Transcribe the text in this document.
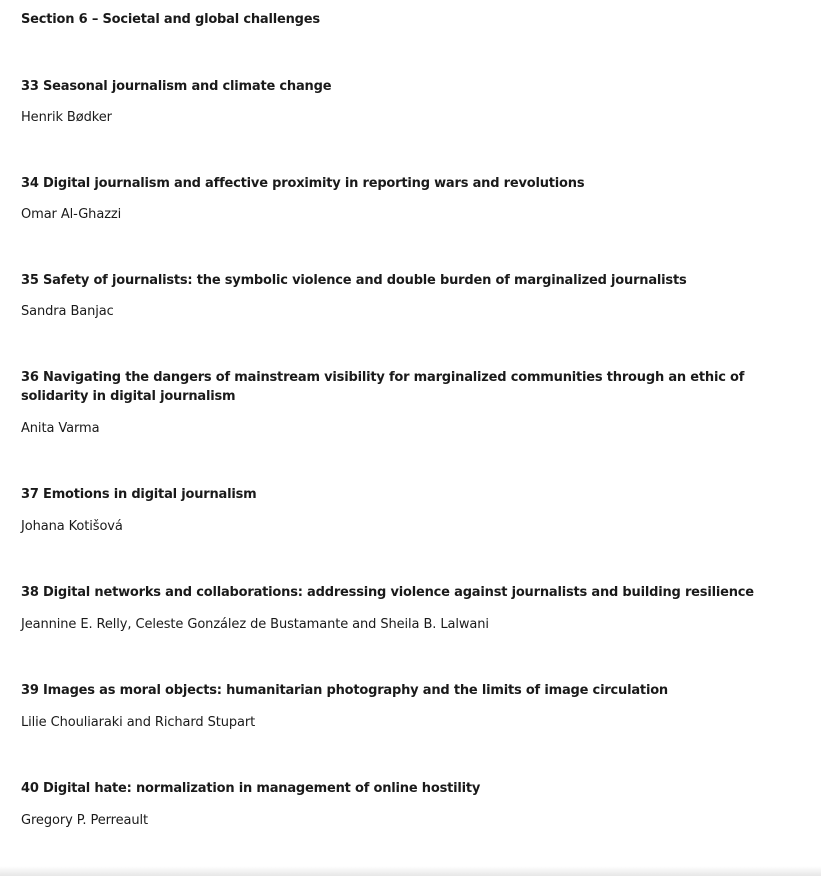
Section 6 – Societal and global challenges
33 Seasonal journalism and climate change
Henrik Bødker
34 Digital journalism and affective proximity in reporting wars and revolutions
Omar Al-Ghazzi
35 Safety of journalists: the symbolic violence and double burden of marginalized journalists
Sandra Banjac
36 Navigating the dangers of mainstream visibility for marginalized communities through an ethic of solidarity in digital journalism
Anita Varma
37 Emotions in digital journalism
Johana Kotišová
38 Digital networks and collaborations: addressing violence against journalists and building resilience
Jeannine E. Relly, Celeste González de Bustamante and Sheila B. Lalwani
39 Images as moral objects: humanitarian photography and the limits of image circulation
Lilie Chouliaraki and Richard Stupart
40 Digital hate: normalization in management of online hostility
Gregory P. Perreault
